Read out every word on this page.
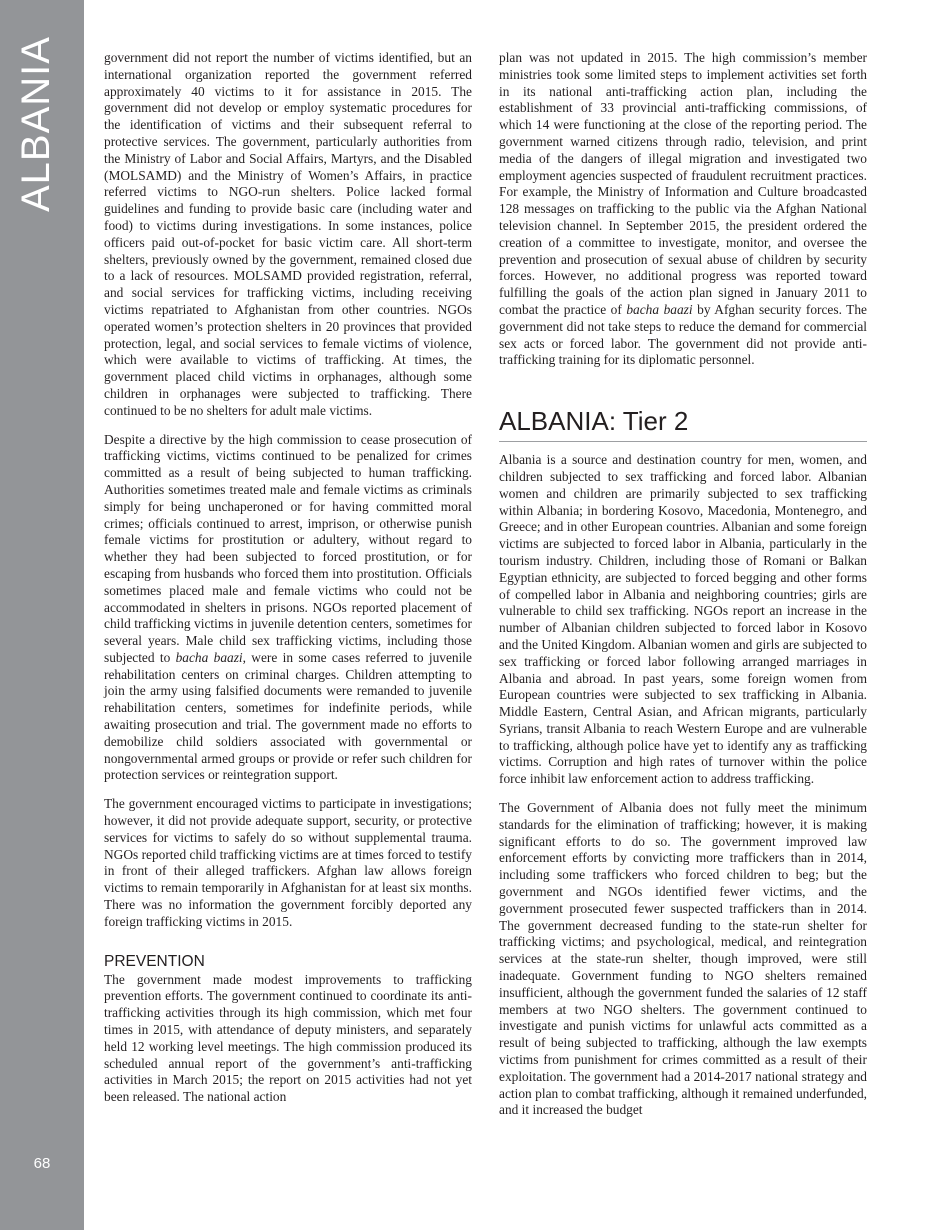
ALBANIA
68

government did not report the number of victims identified, but an international organization reported the government referred approximately 40 victims to it for assistance in 2015. The government did not develop or employ systematic procedures for the identification of victims and their subsequent referral to protective services. The government, particularly authorities from the Ministry of Labor and Social Affairs, Martyrs, and the Disabled (MOLSAMD) and the Ministry of Women’s Affairs, in practice referred victims to NGO-run shelters. Police lacked formal guidelines and funding to provide basic care (including water and food) to victims during investigations. In some instances, police officers paid out-of-pocket for basic victim care. All short-term shelters, previously owned by the government, remained closed due to a lack of resources. MOLSAMD provided registration, referral, and social services for trafficking victims, including receiving victims repatriated to Afghanistan from other countries. NGOs operated women’s protection shelters in 20 provinces that provided protection, legal, and social services to female victims of violence, which were available to victims of trafficking. At times, the government placed child victims in orphanages, although some children in orphanages were subjected to trafficking. There continued to be no shelters for adult male victims.

Despite a directive by the high commission to cease prosecution of trafficking victims, victims continued to be penalized for crimes committed as a result of being subjected to human trafficking. Authorities sometimes treated male and female victims as criminals simply for being unchaperoned or for having committed moral crimes; officials continued to arrest, imprison, or otherwise punish female victims for prostitution or adultery, without regard to whether they had been subjected to forced prostitution, or for escaping from husbands who forced them into prostitution. Officials sometimes placed male and female victims who could not be accommodated in shelters in prisons. NGOs reported placement of child trafficking victims in juvenile detention centers, sometimes for several years. Male child sex trafficking victims, including those subjected to bacha baazi, were in some cases referred to juvenile rehabilitation centers on criminal charges. Children attempting to join the army using falsified documents were remanded to juvenile rehabilitation centers, sometimes for indefinite periods, while awaiting prosecution and trial. The government made no efforts to demobilize child soldiers associated with governmental or nongovernmental armed groups or provide or refer such children for protection services or reintegration support.

The government encouraged victims to participate in investigations; however, it did not provide adequate support, security, or protective services for victims to safely do so without supplemental trauma. NGOs reported child trafficking victims are at times forced to testify in front of their alleged traffickers. Afghan law allows foreign victims to remain temporarily in Afghanistan for at least six months. There was no information the government forcibly deported any foreign trafficking victims in 2015.

PREVENTION

The government made modest improvements to trafficking prevention efforts. The government continued to coordinate its anti-trafficking activities through its high commission, which met four times in 2015, with attendance of deputy ministers, and separately held 12 working level meetings. The high commission produced its scheduled annual report of the government’s anti-trafficking activities in March 2015; the report on 2015 activities had not yet been released. The national action

plan was not updated in 2015. The high commission’s member ministries took some limited steps to implement activities set forth in its national anti-trafficking action plan, including the establishment of 33 provincial anti-trafficking commissions, of which 14 were functioning at the close of the reporting period. The government warned citizens through radio, television, and print media of the dangers of illegal migration and investigated two employment agencies suspected of fraudulent recruitment practices. For example, the Ministry of Information and Culture broadcasted 128 messages on trafficking to the public via the Afghan National television channel. In September 2015, the president ordered the creation of a committee to investigate, monitor, and oversee the prevention and prosecution of sexual abuse of children by security forces. However, no additional progress was reported toward fulfilling the goals of the action plan signed in January 2011 to combat the practice of bacha baazi by Afghan security forces. The government did not take steps to reduce the demand for commercial sex acts or forced labor. The government did not provide anti-trafficking training for its diplomatic personnel.

ALBANIA: Tier 2

Albania is a source and destination country for men, women, and children subjected to sex trafficking and forced labor. Albanian women and children are primarily subjected to sex trafficking within Albania; in bordering Kosovo, Macedonia, Montenegro, and Greece; and in other European countries. Albanian and some foreign victims are subjected to forced labor in Albania, particularly in the tourism industry. Children, including those of Romani or Balkan Egyptian ethnicity, are subjected to forced begging and other forms of compelled labor in Albania and neighboring countries; girls are vulnerable to child sex trafficking. NGOs report an increase in the number of Albanian children subjected to forced labor in Kosovo and the United Kingdom. Albanian women and girls are subjected to sex trafficking or forced labor following arranged marriages in Albania and abroad. In past years, some foreign women from European countries were subjected to sex trafficking in Albania. Middle Eastern, Central Asian, and African migrants, particularly Syrians, transit Albania to reach Western Europe and are vulnerable to trafficking, although police have yet to identify any as trafficking victims. Corruption and high rates of turnover within the police force inhibit law enforcement action to address trafficking.

The Government of Albania does not fully meet the minimum standards for the elimination of trafficking; however, it is making significant efforts to do so. The government improved law enforcement efforts by convicting more traffickers than in 2014, including some traffickers who forced children to beg; but the government and NGOs identified fewer victims, and the government prosecuted fewer suspected traffickers than in 2014. The government decreased funding to the state-run shelter for trafficking victims; and psychological, medical, and reintegration services at the state-run shelter, though improved, were still inadequate. Government funding to NGO shelters remained insufficient, although the government funded the salaries of 12 staff members at two NGO shelters. The government continued to investigate and punish victims for unlawful acts committed as a result of being subjected to trafficking, although the law exempts victims from punishment for crimes committed as a result of their exploitation. The government had a 2014-2017 national strategy and action plan to combat trafficking, although it remained underfunded, and it increased the budget
